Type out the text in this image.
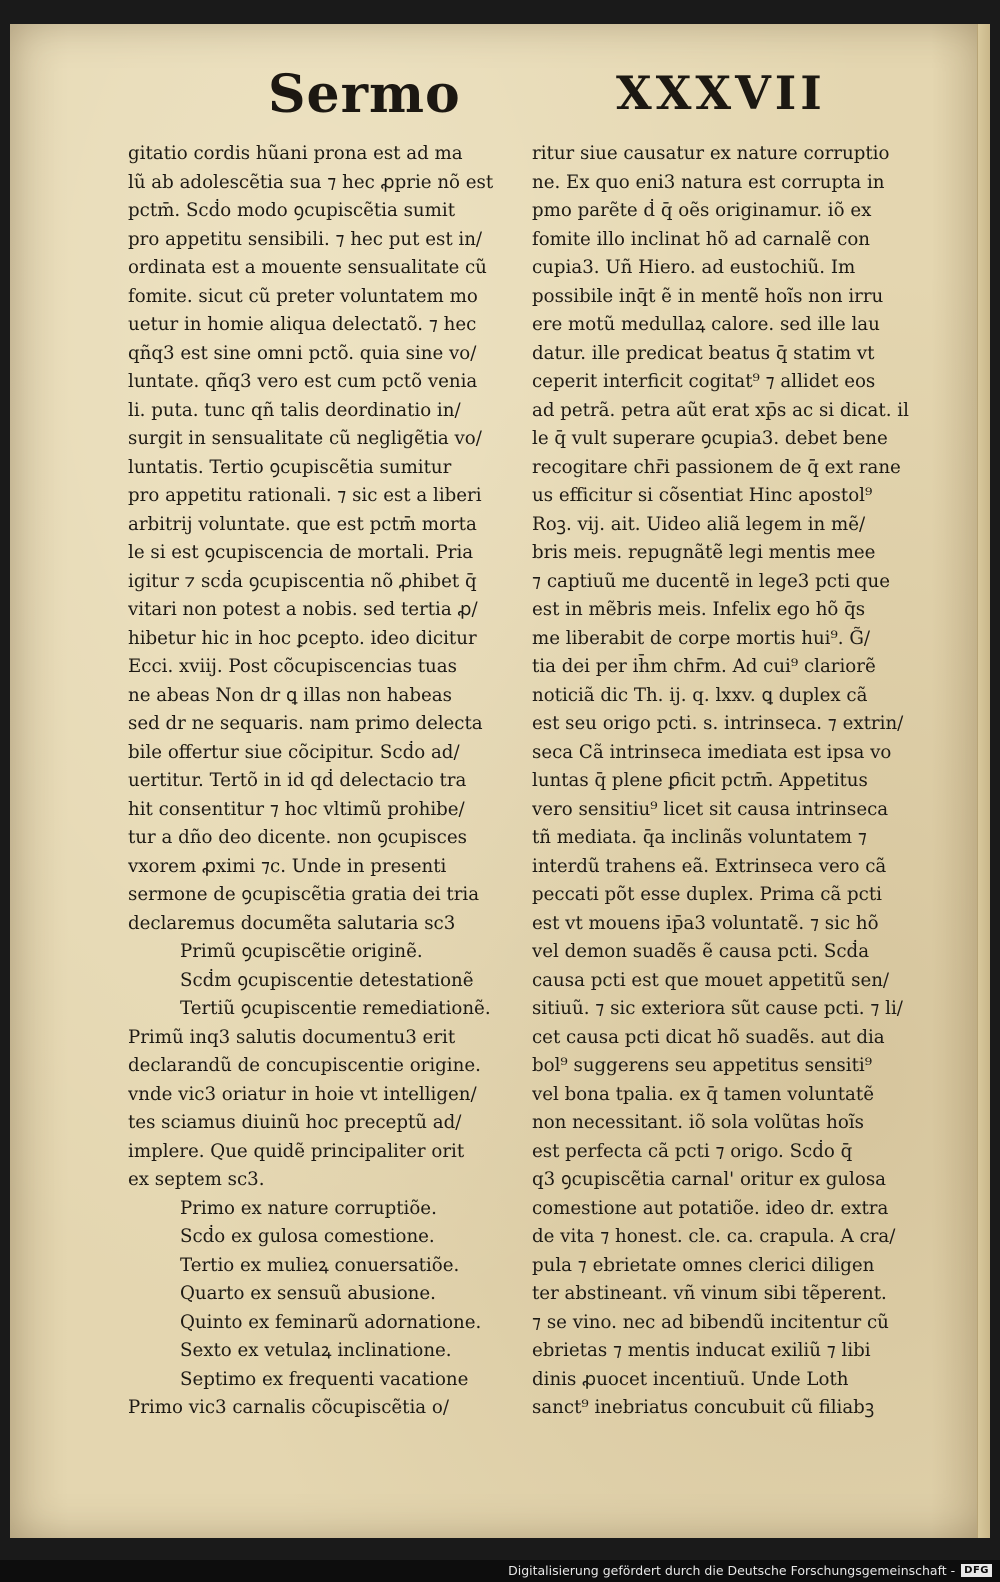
Sermo	XXXVII
gitatio cordis hũani prona est ad ma
lũ ab adolescẽtia sua ⁊ hec ꝓprie nõ est
pctm̄. Scḋo modo ꝯcupiscẽtia sumit
pro appetitu sensibili. ⁊ hec put est in/
ordinata est a mouente sensualitate cũ
fomite. sicut cũ preter voluntatem mo
uetur in homie aliqua delectatõ. ⁊ hec
qñq3 est sine omni pctõ. quia sine vo/
luntate. qñq3 vero est cum pctõ venia
li. puta. tunc qñ talis deordinatio in/
surgit in sensualitate cũ negligẽtia vo/
luntatis. Tertio ꝯcupiscẽtia sumitur
pro appetitu rationali. ⁊ sic est a liberi
arbitrij voluntate. que est pctm̄ morta
le si est ꝯcupiscencia de mortali. Pria
igitur ⁊ scḋa ꝯcupiscentia nõ ꝓhibet q̄
vitari non potest a nobis. sed tertia ꝓ/
hibetur hic in hoc ꝑcepto. ideo dicitur
Ecci. xviij. Post cõcupiscencias tuas
ne abeas Non dr ꝗ illas non habeas
sed dr ne sequaris. nam primo delecta
bile offertur siue cõcipitur. Scḋo ad/
uertitur. Tertõ in id qḋ delectacio tra
hit consentitur ⁊ hoc vltimũ prohibe/
tur a dño deo dicente. non ꝯcupisces
vxorem ꝓximi ⁊c. Unde in presenti
sermone de ꝯcupiscẽtia gratia dei tria
declaremus documẽta salutaria sc3
Primũ ꝯcupiscẽtie originẽ.
Scḋm ꝯcupiscentie detestationẽ
Tertiũ ꝯcupiscentie remediationẽ.
Primũ inq3 salutis documentu3 erit
declarandũ de concupiscentie origine.
vnde vic3 oriatur in hoie vt intelligen/
tes sciamus diuinũ hoc preceptũ ad/
implere. Que quidẽ principaliter orit
ex septem sc3.
Primo ex nature corruptiõe.
Scḋo ex gulosa comestione.
Tertio ex mulieꝝ conuersatiõe.
Quarto ex sensuũ abusione.
Quinto ex feminarũ adornatione.
Sexto ex vetulaꝝ inclinatione.
Septimo ex frequenti vacatione
Primo vic3 carnalis cõcupiscẽtia o/
ritur siue causatur ex nature corruptio
ne. Ex quo eni3 natura est corrupta in
pmo parẽte ḋ q̄ oẽs originamur. iõ ex
fomite illo inclinat hõ ad carnalẽ con
cupia3. Uñ Hiero. ad eustochiũ. Im
possibile inq̄t ẽ in mentẽ hoĩs non irru
ere motũ medullaꝝ calore. sed ille lau
datur. ille predicat beatus q̄ statim vt
ceperit interficit cogitat⁹ ⁊ allidet eos
ad petrã. petra aũt erat xp̄s ac si dicat. il
le q̄ vult superare ꝯcupia3. debet bene
recogitare chr̄i passionem de q̄ ext rane
us efficitur si cõsentiat Hinc apostol⁹
Roꝫ. vij. ait. Uideo aliã legem in mẽ/
bris meis. repugnãtẽ legi mentis mee
⁊ captiuũ me ducentẽ in lege3 pcti que
est in mẽbris meis. Infelix ego hõ q̄s
me liberabit de corpe mortis hui⁹. G̃/
tia dei per ih̄m chr̄m. Ad cui⁹ clariorẽ
noticiã dic Th. ij. q. lxxv. ꝗ duplex cã
est seu origo pcti. s. intrinseca. ⁊ extrin/
seca Cã intrinseca imediata est ipsa vo
luntas q̄ plene ꝑficit pctm̄. Appetitus
vero sensitiu⁹ licet sit causa intrinseca
tñ mediata. q̄a inclinãs voluntatem ⁊
interdũ trahens eã. Extrinseca vero cã
peccati põt esse duplex. Prima cã pcti
est vt mouens ip̄a3 voluntatẽ. ⁊ sic hõ
vel demon suadẽs ẽ causa pcti. Scḋa
causa pcti est que mouet appetitũ sen/
sitiuũ. ⁊ sic exteriora sũt cause pcti. ⁊ li/
cet causa pcti dicat hõ suadẽs. aut dia
bol⁹ suggerens seu appetitus sensiti⁹
vel bona tpalia. ex q̄ tamen voluntatẽ
non necessitant. iõ sola volũtas hoĩs
est perfecta cã pcti ⁊ origo. Scḋo q̄
q3 ꝯcupiscẽtia carnal' oritur ex gulosa
comestione aut potatiõe. ideo dr. extra
de vita ⁊ honest. cle. ca. crapula. A cra/
pula ⁊ ebrietate omnes clerici diligen
ter abstineant. vñ vinum sibi tẽperent.
⁊ se vino. nec ad bibendũ incitentur cũ
ebrietas ⁊ mentis inducat exiliũ ⁊ libi
dinis ꝓuocet incentiuũ. Unde Loth
sanct⁹ inebriatus concubuit cũ filiabꝫ
Digitalisierung gefördert durch die Deutsche Forschungsgemeinschaft - DFG
